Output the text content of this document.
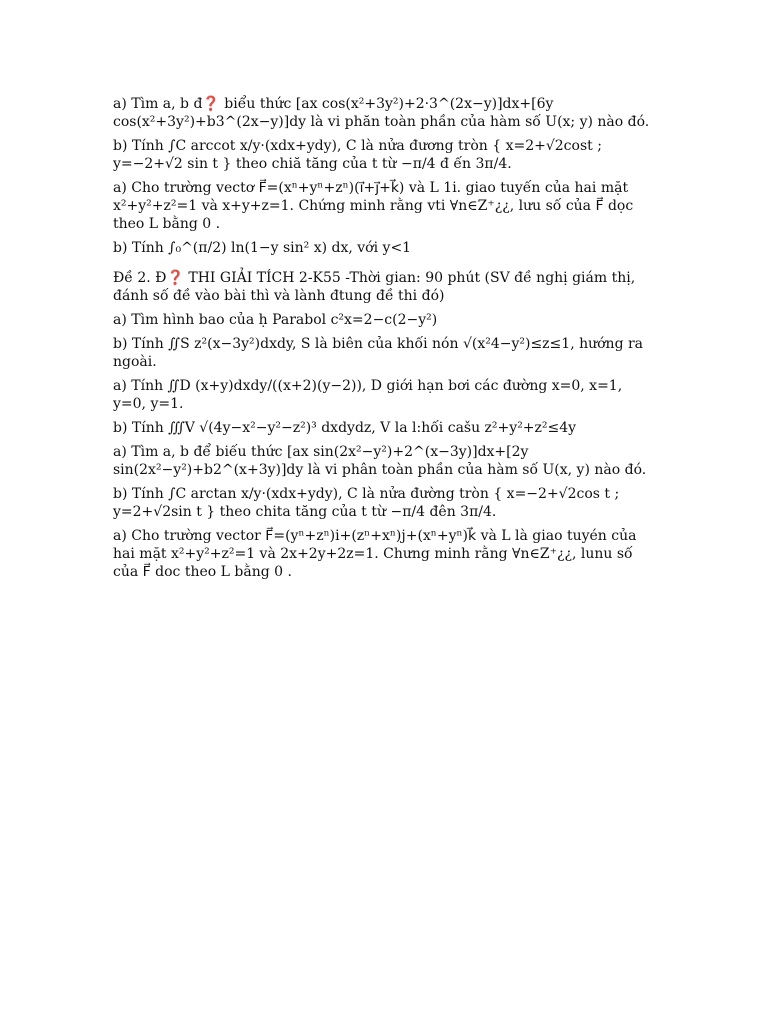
a) Tìm a, b đ❓ biểu thức [ax cos(x²+3y²)+2·3^(2x−y)]dx+[6y cos(x²+3y²)+b3^(2x−y)]dy là vi phăn toàn phần của hàm số U(x; y) nào đó.

b) Tính ∫C arccot x/y·(xdx+ydy), C là nửa đương tròn { x=2+√2cost ; y=−2+√2 sin t } theo chiă tăng của t từ −π/4 đ ến 3π/4.

a) Cho trường vectơ F⃗=(xⁿ+yⁿ+zⁿ)(i⃗+j⃗+k⃗) và L 1i. giao tuyến của hai mặt x²+y²+z²=1 và x+y+z=1. Chứng minh rằng vti ∀n∈Z⁺¿¿, lưu số của F⃗ dọc theo L bằng 0 .

b) Tính ∫₀^(π/2) ln(1−y sin² x) dx, với y<1

Đề 2. Đ❓ THI GIẢI TÍCH 2-K55 -Thời gian: 90 phút (SV đề nghị giám thị, đánh số đề vào bài thì và lành đtung đề thi đó)

a) Tìm hình bao của ḥ Parabol c²x=2−c(2−y²)

b) Tính ∬S z²(x−3y²)dxdy, S là biên của khối nón √(x²4−y²)≤z≤1, hướng ra ngoài.

a) Tính ∬D (x+y)dxdy/((x+2)(y−2)), D giới hạn bơi các đường x=0, x=1, y=0, y=1.

b) Tính ∭V √(4y−x²−y²−z²)³ dxdydz, V la l:hối cašu z²+y²+z²≤4y

a) Tìm a, b để biếu thức [ax sin(2x²−y²)+2^(x−3y)]dx+[2y sin(2x²−y²)+b2^(x+3y)]dy là vi phân toàn phần của hàm số U(x, y) nào đó.

b) Tính ∫C arctan x/y·(xdx+ydy), C là nửa đường tròn { x=−2+√2cos t ; y=2+√2sin t } theo chita tăng của t từ −π/4 đên 3π/4.

a) Cho trường vector F⃗=(yⁿ+zⁿ)i+(zⁿ+xⁿ)j+(xⁿ+yⁿ)k⃗ và L là giao tuyén của hai mặt x²+y²+z²=1 và 2x+2y+2z=1. Chưng minh rằng ∀n∈Z⁺¿¿, lunu số của F⃗ doc theo L bằng 0 .
